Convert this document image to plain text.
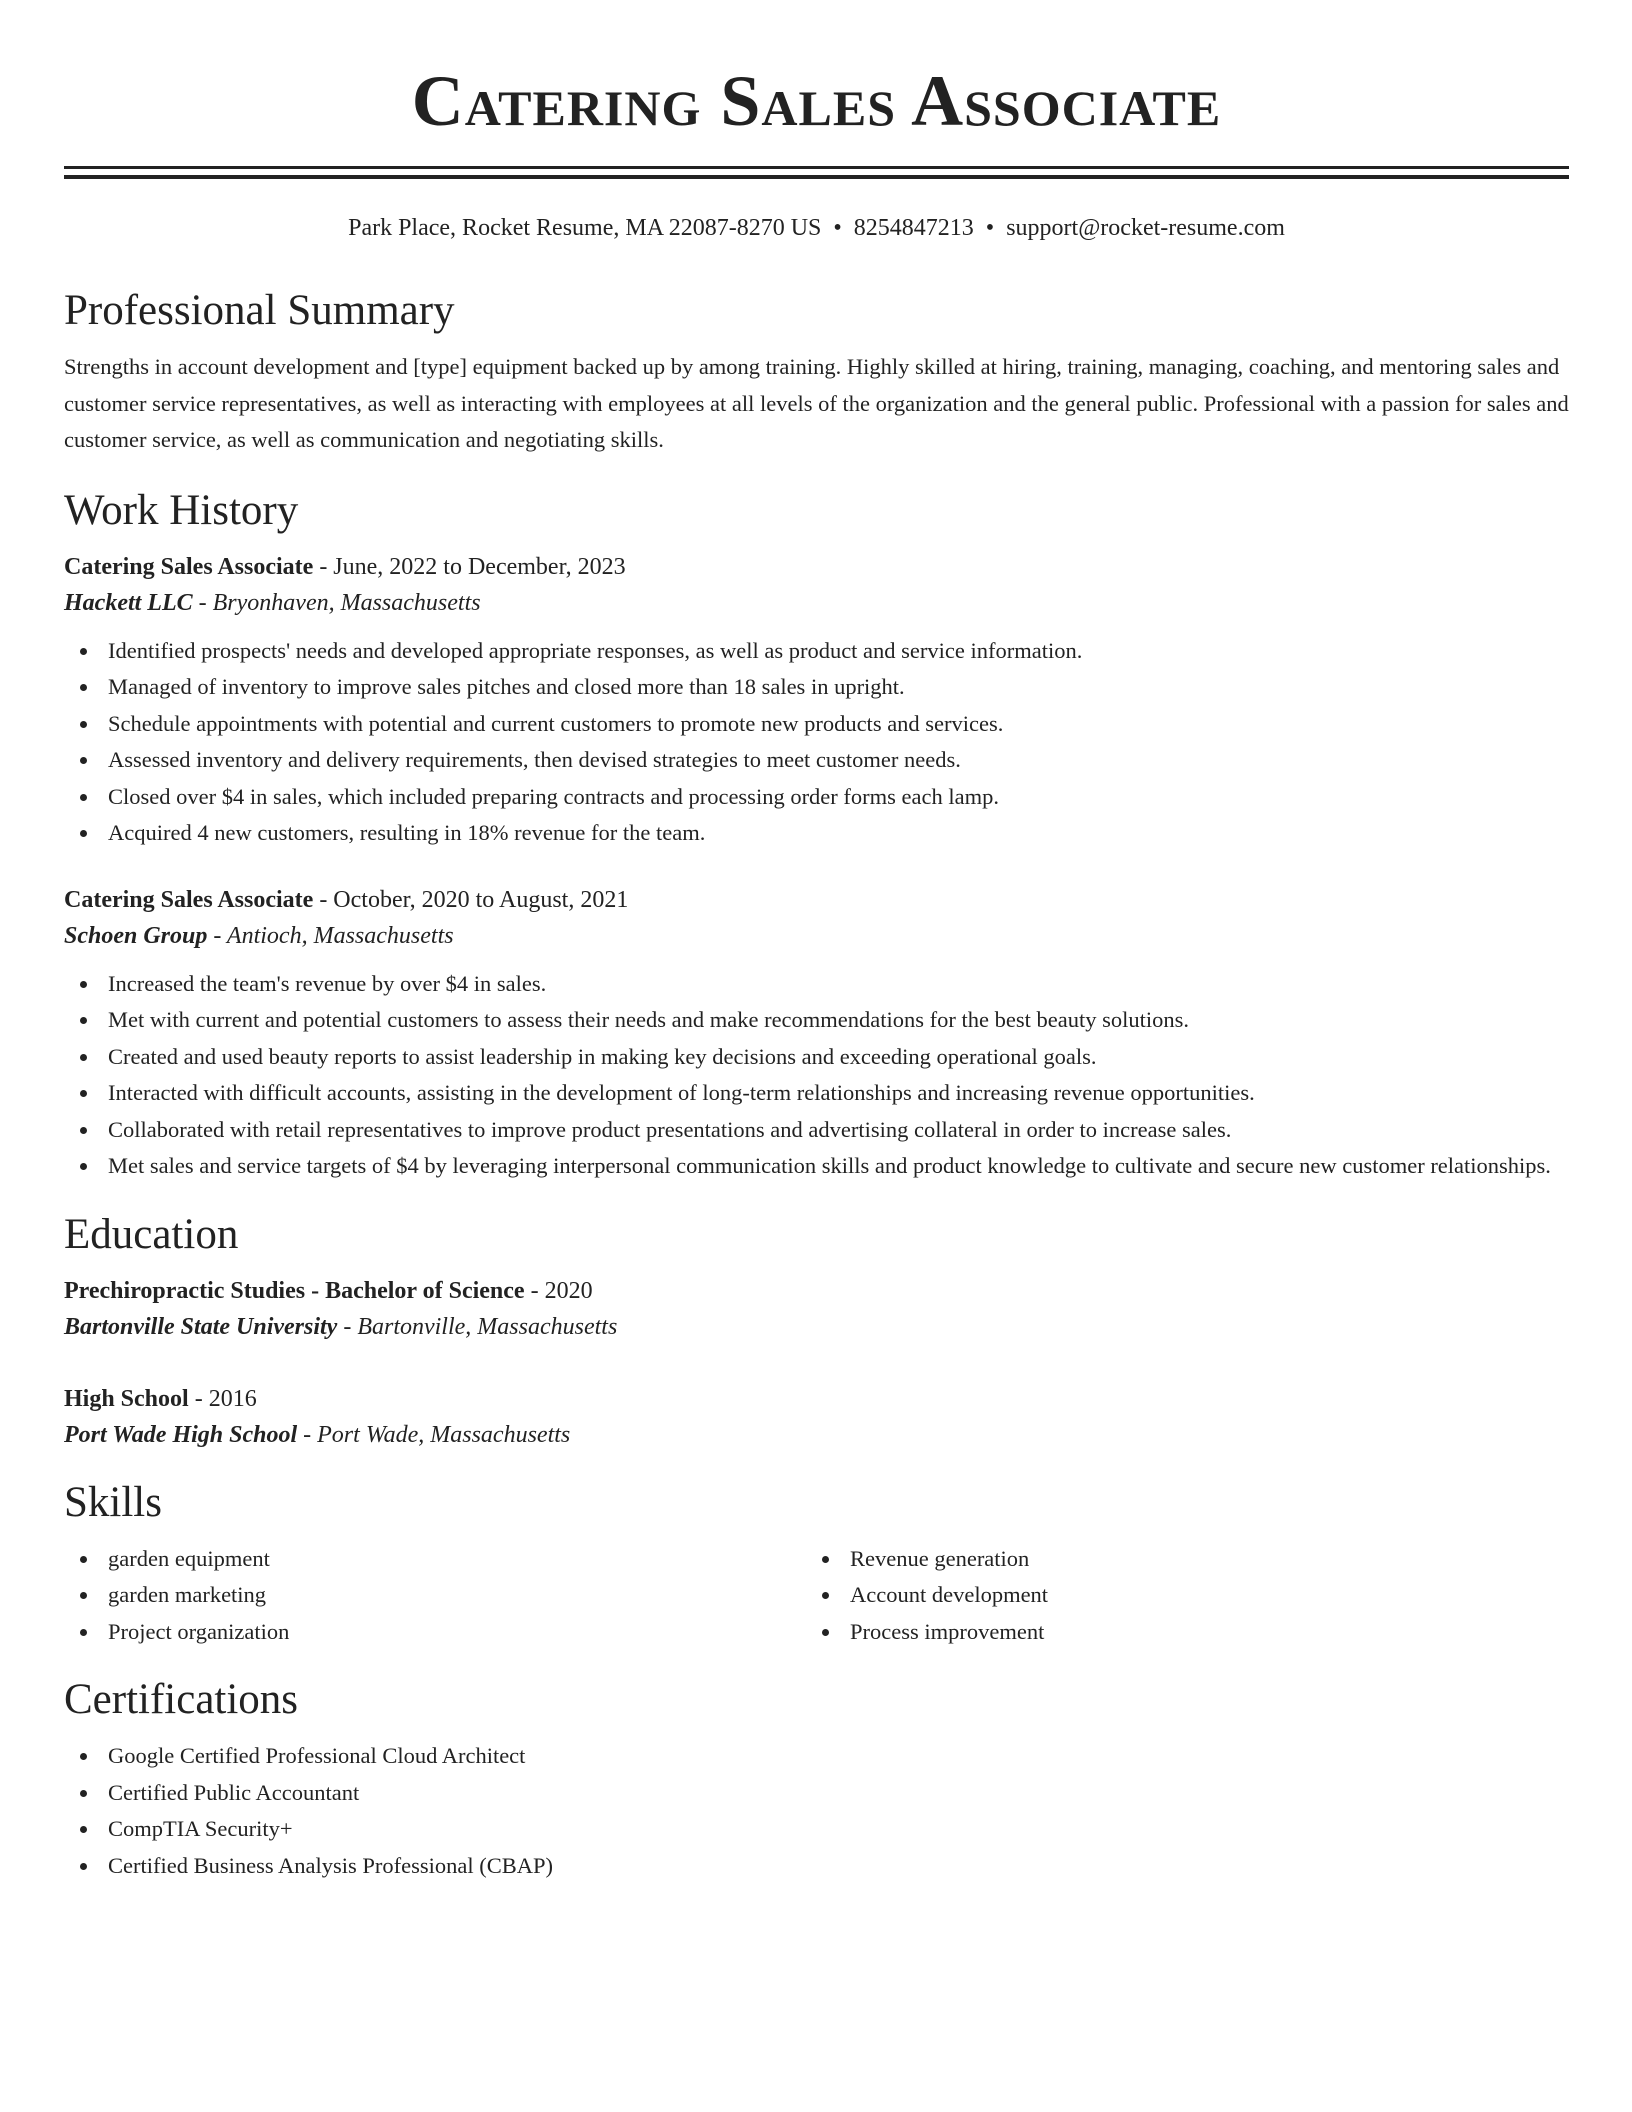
Catering Sales Associate
Park Place, Rocket Resume, MA 22087-8270 US • 8254847213 • support@rocket-resume.com
Professional Summary

Strengths in account development and [type] equipment backed up by among training. Highly skilled at hiring, training, managing, coaching, and mentoring sales and customer service representatives, as well as interacting with employees at all levels of the organization and the general public. Professional with a passion for sales and customer service, as well as communication and negotiating skills.

Work History
Catering Sales Associate - June, 2022 to December, 2023
Hackett LLC - Bryonhaven, Massachusetts
Identified prospects' needs and developed appropriate responses, as well as product and service information.
Managed of inventory to improve sales pitches and closed more than 18 sales in upright.
Schedule appointments with potential and current customers to promote new products and services.
Assessed inventory and delivery requirements, then devised strategies to meet customer needs.
Closed over $4 in sales, which included preparing contracts and processing order forms each lamp.
Acquired 4 new customers, resulting in 18% revenue for the team.
Catering Sales Associate - October, 2020 to August, 2021
Schoen Group - Antioch, Massachusetts
Increased the team's revenue by over $4 in sales.
Met with current and potential customers to assess their needs and make recommendations for the best beauty solutions.
Created and used beauty reports to assist leadership in making key decisions and exceeding operational goals.
Interacted with difficult accounts, assisting in the development of long-term relationships and increasing revenue opportunities.
Collaborated with retail representatives to improve product presentations and advertising collateral in order to increase sales.
Met sales and service targets of $4 by leveraging interpersonal communication skills and product knowledge to cultivate and secure new customer relationships.
Education
Prechiropractic Studies - Bachelor of Science - 2020
Bartonville State University - Bartonville, Massachusetts
High School - 2016
Port Wade High School - Port Wade, Massachusetts
Skills
garden equipment
garden marketing
Project organization
Revenue generation
Account development
Process improvement
Certifications
Google Certified Professional Cloud Architect
Certified Public Accountant
CompTIA Security+
Certified Business Analysis Professional (CBAP)
